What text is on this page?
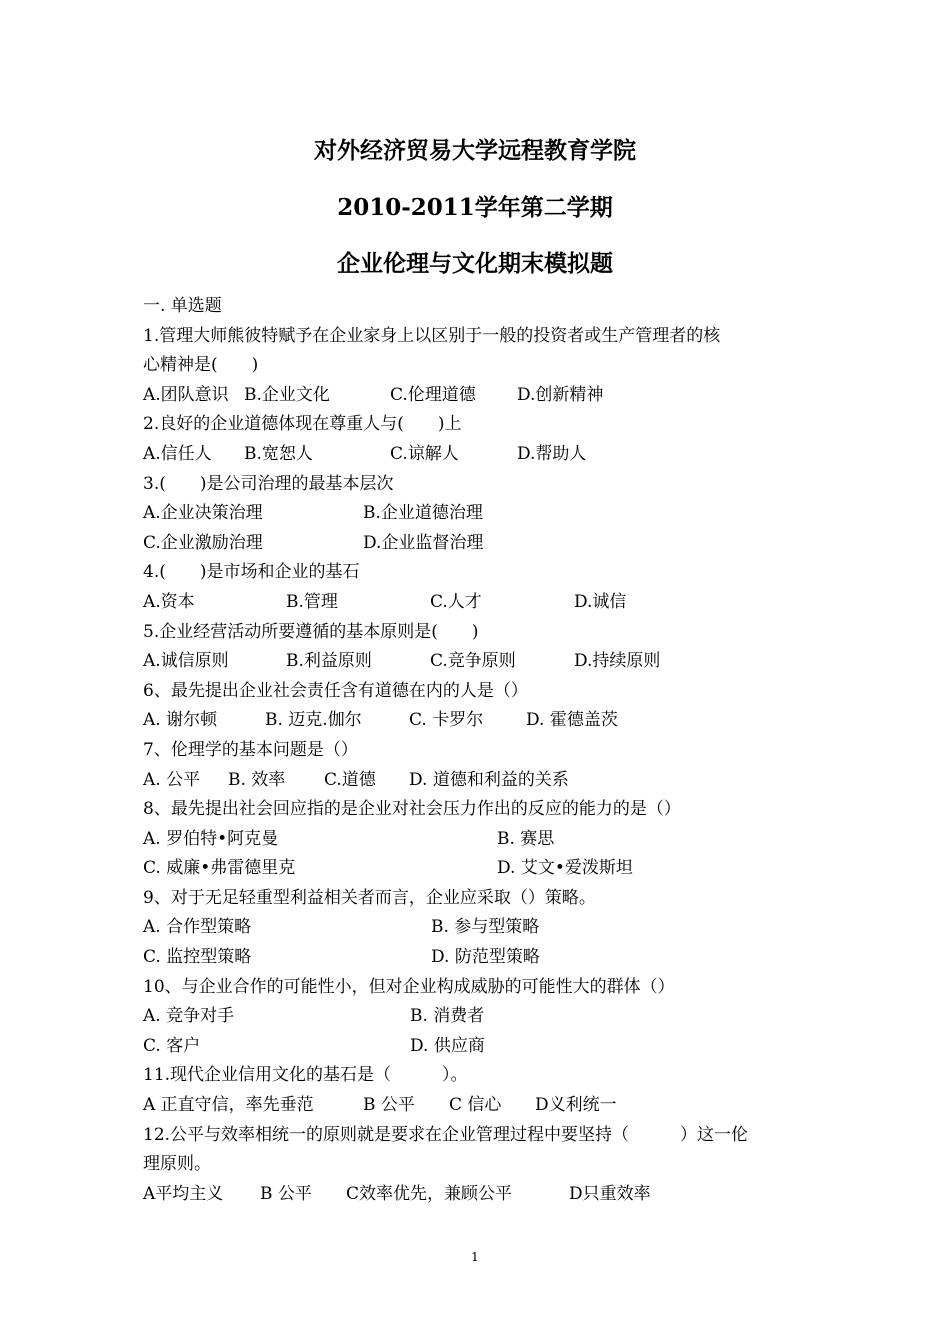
对外经济贸易大学远程教育学院
2010-2011学年第二学期
企业伦理与文化期末模拟题
一. 单选题
1.管理大师熊彼特赋予在企业家身上以区别于一般的投资者或生产管理者的核
心精神是(　　)
A.团队意识 B.企业文化	C.伦理道德 D.创新精神
2.良好的企业道德体现在尊重人与(　　)上
A.信任人 B.宽恕人	C.谅解人	D.帮助人
3.(　　)是公司治理的最基本层次
A.企业决策治理	B.企业道德治理
C.企业激励治理	D.企业监督治理
4.(　　)是市场和企业的基石
A.资本	B.管理	C.人才	D.诚信
5.企业经营活动所要遵循的基本原则是(　　)
A.诚信原则	B.利益原则	C.竞争原则	D.持续原则
6、最先提出企业社会责任含有道德在内的人是（）
A. 谢尔顿	B. 迈克.伽尔	C. 卡罗尔	D. 霍德盖茨
7、伦理学的基本问题是（）
A. 公平 B. 效率 C.道德 D. 道德和利益的关系
8、最先提出社会回应指的是企业对社会压力作出的反应的能力的是（）
A. 罗伯特•阿克曼	B. 赛思
C. 威廉•弗雷德里克	D. 艾文•爱泼斯坦
9、对于无足轻重型利益相关者而言，企业应采取（）策略。
A. 合作型策略	B. 参与型策略
C. 监控型策略	D. 防范型策略
10、与企业合作的可能性小，但对企业构成威胁的可能性大的群体（）
A. 竞争对手	B. 消费者
C. 客户	D. 供应商
11.现代企业信用文化的基石是（　　　）。
A 正直守信，率先垂范	B 公平 C 信心 D义利统一
12.公平与效率相统一的原则就是要求在企业管理过程中要坚持（　　　）这一伦
理原则。
A平均主义 B 公平 C效率优先，兼顾公平	D只重效率
1
